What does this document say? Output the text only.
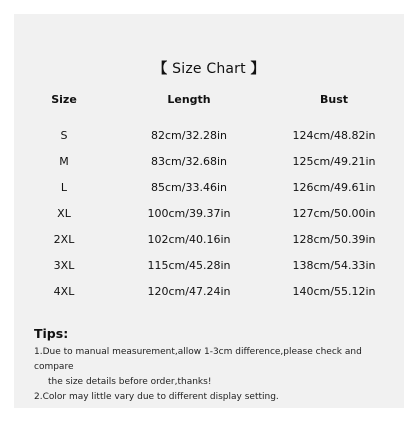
【 Size Chart 】
Size	Length	Bust

S	82cm/32.28in	124cm/48.82in
M	83cm/32.68in	125cm/49.21in
L	85cm/33.46in	126cm/49.61in
XL	100cm/39.37in	127cm/50.00in
2XL	102cm/40.16in	128cm/50.39in
3XL	115cm/45.28in	138cm/54.33in
4XL	120cm/47.24in	140cm/55.12in
Tips:
1.Due to manual measurement,allow 1-3cm difference,please check and compare
the size details before order,thanks!
2.Color may little vary due to different display setting.
